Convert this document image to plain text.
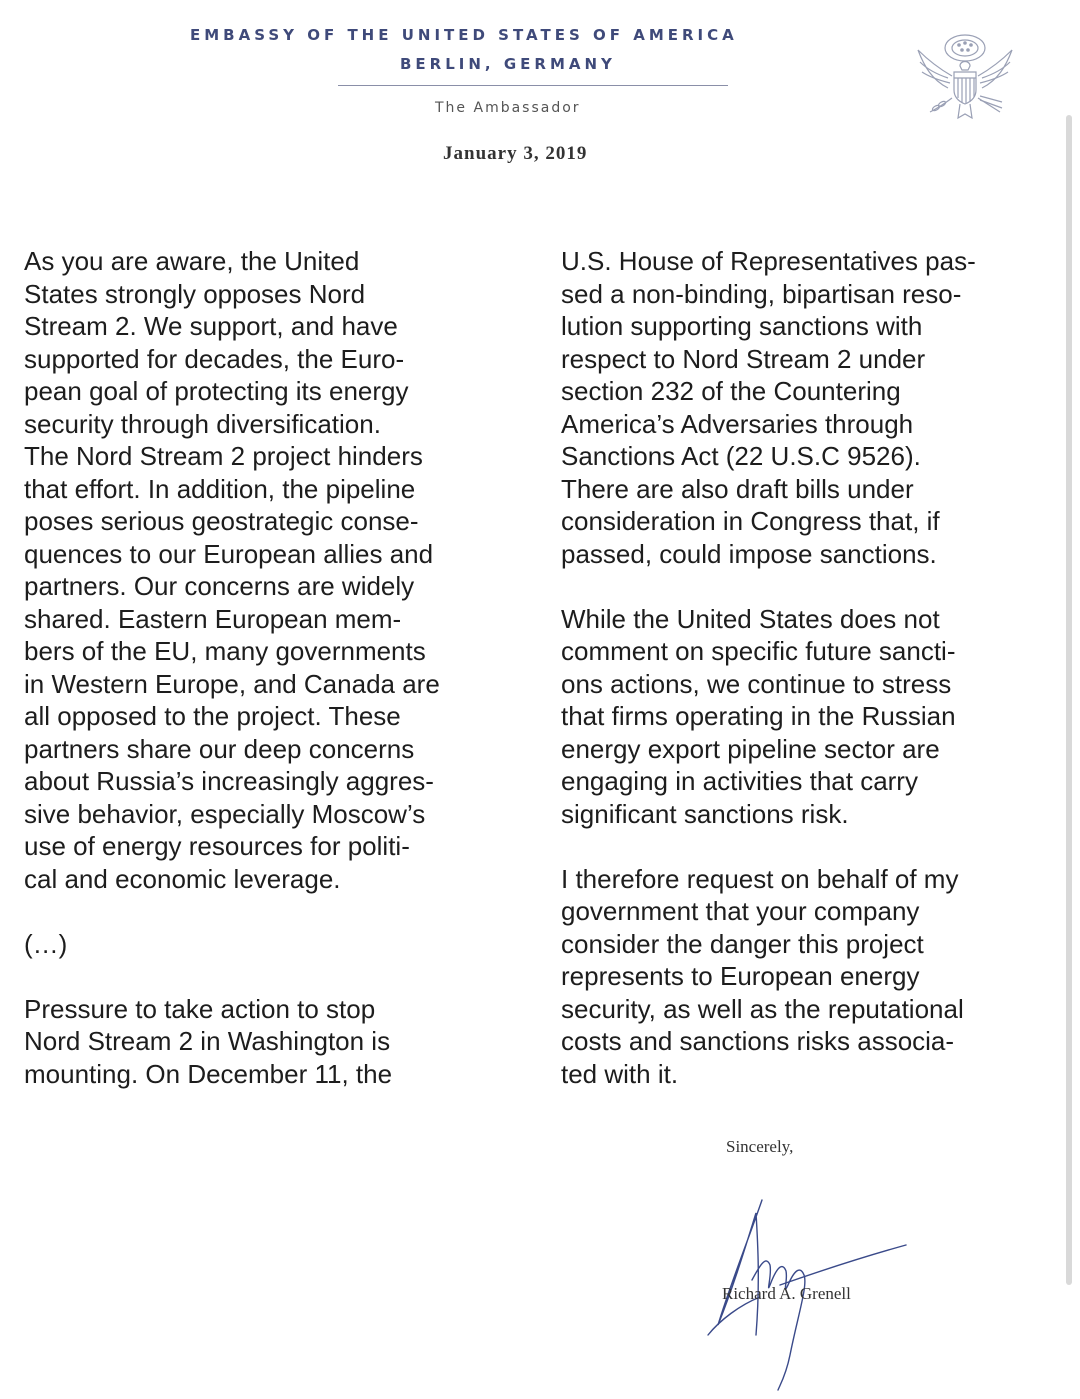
EMBASSY OF THE UNITED STATES OF AMERICA
BERLIN, GERMANY
The Ambassador
January 3, 2019
As you are aware, the United
States strongly opposes Nord
Stream 2. We support, and have
supported for decades, the Euro-
pean goal of protecting its energy
security through diversification.
The Nord Stream 2 project hinders
that effort. In addition, the pipeline
poses serious geostrategic conse-
quences to our European allies and
partners. Our concerns are widely
shared. Eastern European mem-
bers of the EU, many governments
in Western Europe, and Canada are
all opposed to the project. These
partners share our deep concerns
about Russia’s increasingly aggres-
sive behavior, especially Moscow’s
use of energy resources for politi-
cal and economic leverage.
(…)
Pressure to take action to stop
Nord Stream 2 in Washington is
mounting. On December 11, the
U.S. House of Representatives pas-
sed a non-binding, bipartisan reso-
lution supporting sanctions with
respect to Nord Stream 2 under
section 232 of the Countering
America’s Adversaries through
Sanctions Act (22 U.S.C 9526).
There are also draft bills under
consideration in Congress that, if
passed, could impose sanctions.
While the United States does not
comment on specific future sancti-
ons actions, we continue to stress
that firms operating in the Russian
energy export pipeline sector are
engaging in activities that carry
significant sanctions risk.
I therefore request on behalf of my
government that your company
consider the danger this project
represents to European energy
security, as well as the reputational
costs and sanctions risks associa-
ted with it.
Sincerely,
Richard A. Grenell
